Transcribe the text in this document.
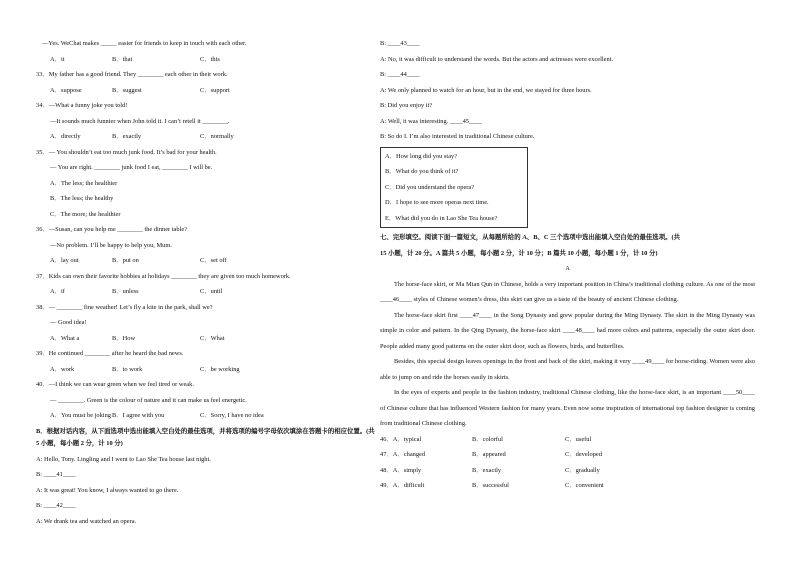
—Yes. WeChat makes _____ easier for friends to keep in touch with each other.
A．it	B．that	C．this
33．My father has a good friend. They ________ each other in their work.
A．suppose	B．suggest	C．support
34．—What a funny joke you told!
—It sounds much funnier when John told it. I can’t retell it ________.
A．directly	B．exactly	C．normally
35．— You shouldn’t eat too much junk food. It’s bad for your health.
— You are right. ________ junk food I eat, ________ I will be.
A．The less; the healthier
B．The less; the healthy
C．The more; the healthier
36．—Susan, can you help me ________ the dinner table?
—No problem. I’ll be happy to help you, Mum.
A．lay out	B．put on	C．set off
37．Kids can own their favorite hobbies at holidays ________ they are given too much homework.
A．if	B．unless	C．until
38．— ________ fine weather! Let’s fly a kite in the park, shall we?
— Good idea!
A．What a	B．How	C．What
39．He continued ________ after he heard the bad news.
A．work	B．to work	C．be working
40．—I think we can wear green when we feel tired or weak.
— ________. Green is the colour of nature and it can make us feel energetic.
A．You must be joking B．I agree with you	C．Sorry, I have no idea
B．根据对话内容，从下面选项中选出能填入空白处的最佳选项，并将选项的编号字母依次填涂在答题卡的相应位置。(共 5 小题，每小题 2 分，计 10 分)
A: Hello, Tony. Lingling and I went to Lao She Tea house last night.
B: ____41____
A: It was great! You know, I always wanted to go there.
B: ____42____
A: We drank tea and watched an opera.
B: ____43____
A: No, it was difficult to understand the words. But the actors and actresses were excellent.
B: ____44____
A: We only planned to watch for an hour, but in the end, we stayed for three hours.
B: Did you enjoy it?
A: Well, it was interesting. ____45____
B: So do I. I’m also interested in traditional Chinese culture.
A．How long did you stay?
B．What do you think of it?
C．Did you understand the opera?
D．I hope to see more operas next time.
E．What did you do in Lao She Tea house?
七、完形填空。阅读下面一篇短文，从每题所给的 A、B、C 三个选项中选出能填入空白处的最佳选项。(共
15 小题，计 20 分。A 篇共 5 小题，每小题 2 分，计 10 分；B 篇共 10 小题，每小题 1 分，计 10 分)
A
The horse-face skirt, or Ma Mian Qun in Chinese, holds a very important position in China’s traditional clothing culture. As one of the most ____46____ styles of Chinese women’s dress, this skirt can give us a taste of the beauty of ancient Chinese clothing.
The horse-face skirt first ____47____ in the Song Dynasty and grew popular during the Ming Dynasty. The skirt in the Ming Dynasty was simple in color and pattern. In the Qing Dynasty, the horse-face skirt ____48____ had more colors and patterns, especially the outer skirt door. People added many good patterns on the outer skirt door, such as flowers, birds, and butterflies.
Besides, this special design leaves openings in the front and back of the skirt, making it very ____49____ for horse-riding. Women were also able to jump on and ride the horses easily in skirts.
In the eyes of experts and people in the fashion industry, traditional Chinese clothing, like the horse-face skirt, is an important ____50____ of Chinese culture that has influenced Western fashion for many years. Even now some inspiration of international top fashion designer is coming from traditional Chinese clothing.
46．A．typical	B．colorful	C．useful
47．A．changed	B．appeared	C．developed
48．A．simply	B．exactly	C．gradually
49．A．difficult	B．successful	C．convenient
